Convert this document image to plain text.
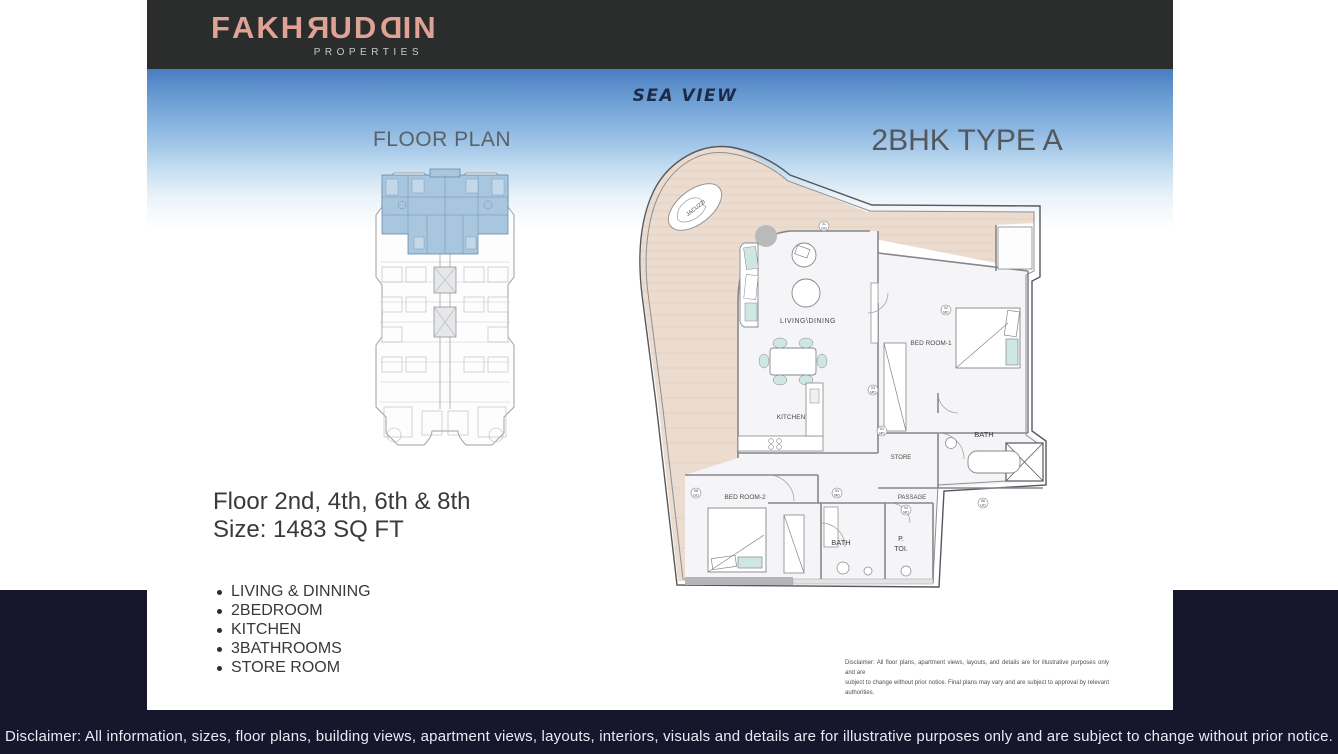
Disclaimer: All information, sizes, floor plans, building views, apartment views, layouts, interiors, visuals and details are for illustrative purposes only and are subject to change without prior notice.
FAKHRUDDIN
PROPERTIES
SEA VIEW
FLOOR PLAN	2BHK TYPE A
JACUZZI
LIVING\DINING
KITCHEN
BED ROOM-1
BATH
STORE
PASSAGE
BED ROOM-2
BATH	P.
TOI.
01
GD
02
MD
03
MD
01
MD
08
GD
03
MD
04
MD
06
GD
Floor 2nd, 4th, 6th & 8th
Size: 1483 SQ FT
LIVING & DINNING
2BEDROOM
KITCHEN
3BATHROOMS
STORE ROOM	Disclaimer: All floor plans, apartment views, layouts, and details are for illustrative purposes only and are
subject to change without prior notice. Final plans may vary and are subject to approval by relevant authorities.
